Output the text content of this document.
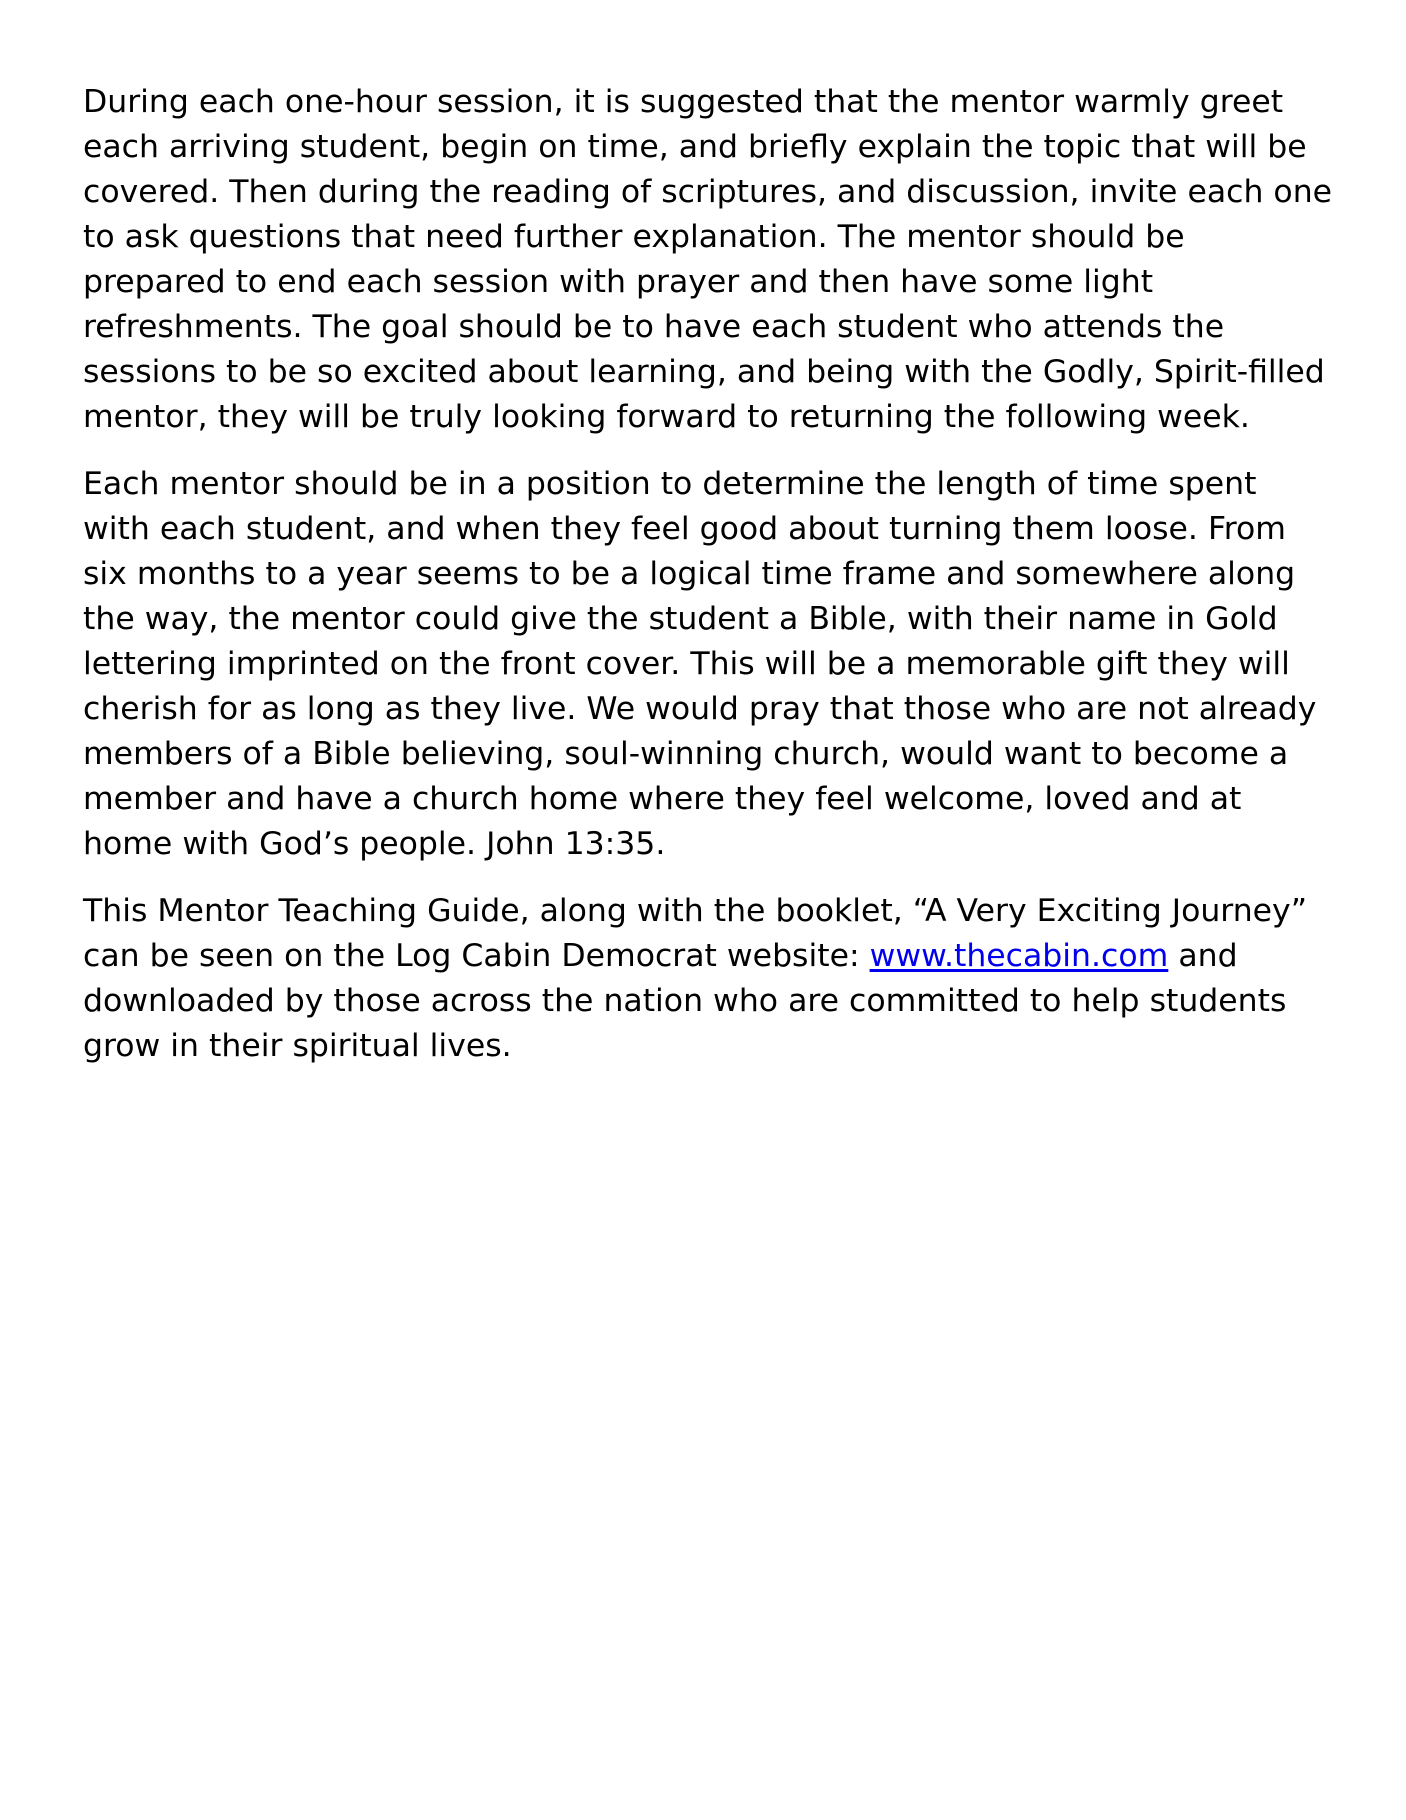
During each one-hour session, it is suggested that the mentor warmly greet each arriving student, begin on time, and briefly explain the topic that will be covered. Then during the reading of scriptures, and discussion, invite each one to ask questions that need further explanation. The mentor should be prepared to end each session with prayer and then have some light refreshments. The goal should be to have each student who attends the sessions to be so excited about learning, and being with the Godly, Spirit-filled mentor, they will be truly looking forward to returning the following week.

Each mentor should be in a position to determine the length of time spent with each student, and when they feel good about turning them loose. From six months to a year seems to be a logical time frame and somewhere along the way, the mentor could give the student a Bible, with their name in Gold lettering imprinted on the front cover. This will be a memorable gift they will cherish for as long as they live. We would pray that those who are not already members of a Bible believing, soul-winning church, would want to become a member and have a church home where they feel welcome, loved and at home with God’s people. John 13:35.

This Mentor Teaching Guide, along with the booklet, “A Very Exciting Journey” can be seen on the Log Cabin Democrat website: www.thecabin.com and downloaded by those across the nation who are committed to help students grow in their spiritual lives.
